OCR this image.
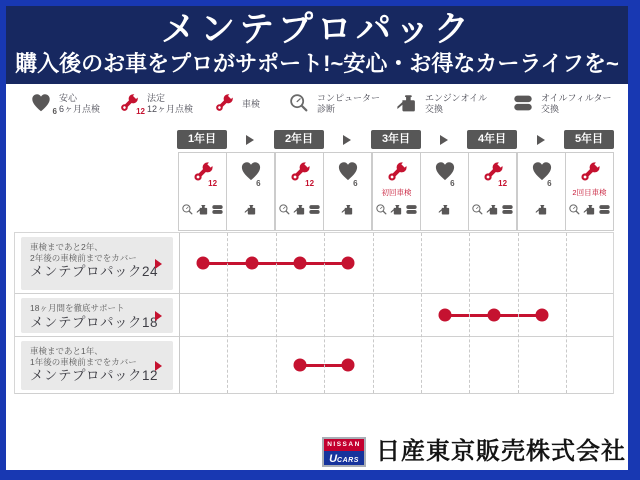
メンテプロパック
購入後のお車をプロがサポート!~安心・お得なカーライフを~
6
安心
6ヶ月点検	12
法定
12ヶ月点検
車検
コンピューター
診断
エンジンオイル
交換
オイルフィルター
交換
1年目	2年目	3年目	4年目	5年目
12	6	12	6
初回車検
6	12	6
2回目車検
車検まであと2年、
2年後の車検前までをカバー
メンテプロパック24
18ヶ月間を徹底サポート
メンテプロパック18
車検まであと1年、
1年後の車検前までをカバー
メンテプロパック12
NISSAN
UCARS 日産東京販売株式会社
